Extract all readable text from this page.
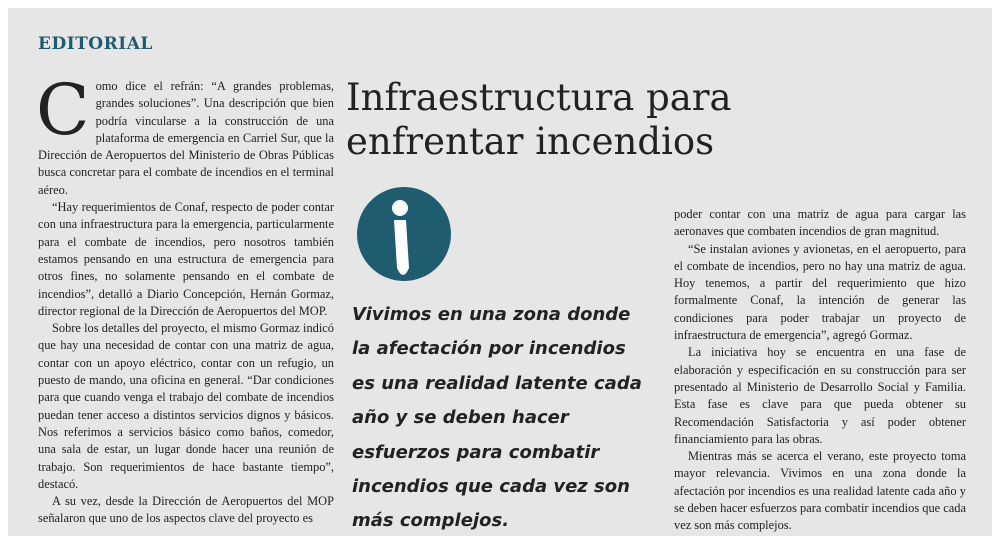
EDITORIAL

Como dice el refrán: “A grandes problemas, grandes soluciones”. Una descripción que bien podría vincularse a la construcción de una plataforma de emergencia en Carriel Sur, que la Dirección de Aeropuertos del Ministerio de Obras Públicas busca concretar para el combate de incendios en el terminal aéreo.

“Hay requerimientos de Conaf, respecto de poder contar con una infraestructura para la emergencia, particularmente para el combate de incendios, pero nosotros también estamos pensando en una estructura de emergencia para otros fines, no solamente pensando en el combate de incendios”, detalló a Diario Concepción, Hernán Gormaz, director regional de la Dirección de Aeropuertos del MOP.

Sobre los detalles del proyecto, el mismo Gormaz indicó que hay una necesidad de contar con una matriz de agua, contar con un apoyo eléctrico, contar con un refugio, un puesto de mando, una oficina en general. “Dar condiciones para que cuando venga el trabajo del combate de incendios puedan tener acceso a distintos servicios dignos y básicos. Nos referimos a servicios básico como baños, comedor, una sala de estar, un lugar donde hacer una reunión de trabajo. Son requerimientos de hace bastante tiempo”, destacó.

A su vez, desde la Dirección de Aeropuertos del MOP señalaron que uno de los aspectos clave del proyecto es

Infraestructura para enfrentar incendios
Vivimos en una zona donde la afectación por incendios es una realidad latente cada año y se deben hacer esfuerzos para combatir incendios que cada vez son más complejos.

poder contar con una matriz de agua para cargar las aeronaves que combaten incendios de gran magnitud.

“Se instalan aviones y avionetas, en el aeropuerto, para el combate de incendios, pero no hay una matriz de agua. Hoy tenemos, a partir del requerimiento que hizo formalmente Conaf, la intención de generar las condiciones para poder trabajar un proyecto de infraestructura de emergencia”, agregó Gormaz.

La iniciativa hoy se encuentra en una fase de elaboración y especificación en su construcción para ser presentado al Ministerio de Desarrollo Social y Familia. Esta fase es clave para que pueda obtener su Recomendación Satisfactoria y así poder obtener financiamiento para las obras.

Mientras más se acerca el verano, este proyecto toma mayor relevancia. Vivimos en una zona donde la afectación por incendios es una realidad latente cada año y se deben hacer esfuerzos para combatir incendios que cada vez son más complejos.
